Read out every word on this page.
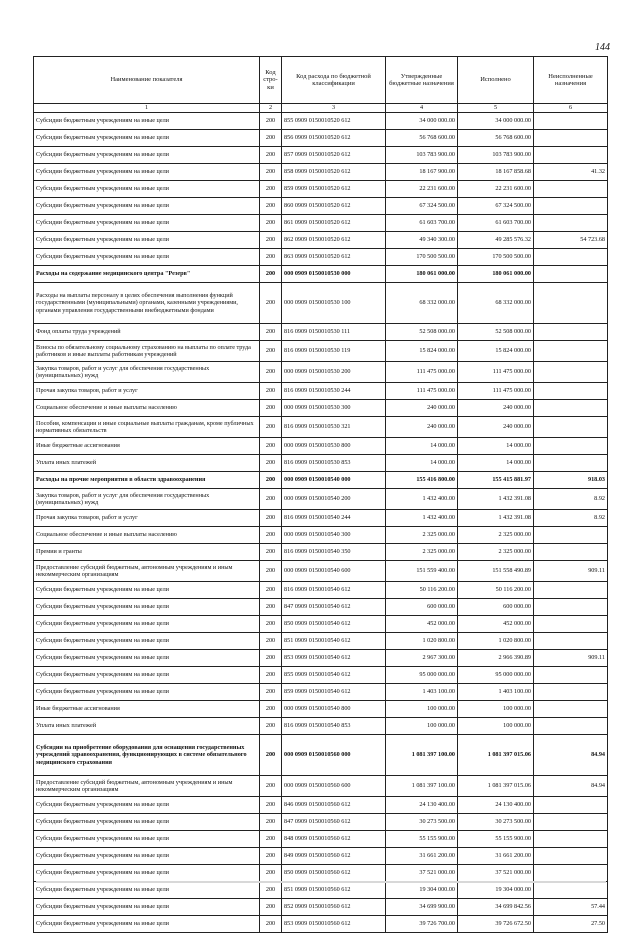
144
Наименование показателя	Код стро-ки	Код расхода по бюджетной классификации	Утвержденные бюджетные назначения	Исполнено	Неисполненные назначения
1	2	3	4	5	6
Субсидии бюджетным учреждениям на иные цели	200	855 0909 0150010520 612	34 000 000.00	34 000 000.00	
Субсидии бюджетным учреждениям на иные цели	200	856 0909 0150010520 612	56 768 600.00	56 768 600.00	
Субсидии бюджетным учреждениям на иные цели	200	857 0909 0150010520 612	103 783 900.00	103 783 900.00	
Субсидии бюджетным учреждениям на иные цели	200	858 0909 0150010520 612	18 167 900.00	18 167 858.68	41.32
Субсидии бюджетным учреждениям на иные цели	200	859 0909 0150010520 612	22 231 600.00	22 231 600.00	
Субсидии бюджетным учреждениям на иные цели	200	860 0909 0150010520 612	67 324 500.00	67 324 500.00	
Субсидии бюджетным учреждениям на иные цели	200	861 0909 0150010520 612	61 603 700.00	61 603 700.00	
Субсидии бюджетным учреждениям на иные цели	200	862 0909 0150010520 612	49 340 300.00	49 285 576.32	54 723.68
Субсидии бюджетным учреждениям на иные цели	200	863 0909 0150010520 612	170 500 500.00	170 500 500.00	
Расходы на содержание медицинского центра "Резерв"	200	000 0909 0150010530 000	180 061 000.00	180 061 000.00	
Расходы на выплаты персоналу в целях обеспечения выполнения функций государственными (муниципальными) органами, казенными учреждениями, органами управления государственными внебюджетными фондами	200	000 0909 0150010530 100	68 332 000.00	68 332 000.00	
Фонд оплаты труда учреждений	200	816 0909 0150010530 111	52 508 000.00	52 508 000.00	
Взносы по обязательному социальному страхованию на выплаты по оплате труда работников и иные выплаты работникам учреждений	200	816 0909 0150010530 119	15 824 000.00	15 824 000.00	
Закупка товаров, работ и услуг для обеспечения государственных (муниципальных) нужд	200	000 0909 0150010530 200	111 475 000.00	111 475 000.00	
Прочая закупка товаров, работ и услуг	200	816 0909 0150010530 244	111 475 000.00	111 475 000.00	
Социальное обеспечение и иные выплаты населению	200	000 0909 0150010530 300	240 000.00	240 000.00	
Пособия, компенсации и иные социальные выплаты гражданам, кроме публичных нормативных обязательств	200	816 0909 0150010530 321	240 000.00	240 000.00	
Иные бюджетные ассигнования	200	000 0909 0150010530 800	14 000.00	14 000.00	
Уплата иных платежей	200	816 0909 0150010530 853	14 000.00	14 000.00	
Расходы на прочие мероприятия в области здравоохранения	200	000 0909 0150010540 000	155 416 800.00	155 415 881.97	918.03
Закупка товаров, работ и услуг для обеспечения государственных (муниципальных) нужд	200	000 0909 0150010540 200	1 432 400.00	1 432 391.08	8.92
Прочая закупка товаров, работ и услуг	200	816 0909 0150010540 244	1 432 400.00	1 432 391.08	8.92
Социальное обеспечение и иные выплаты населению	200	000 0909 0150010540 300	2 325 000.00	2 325 000.00	
Премии и гранты	200	816 0909 0150010540 350	2 325 000.00	2 325 000.00	
Предоставление субсидий бюджетным, автономным учреждениям и иным некоммерческим организациям	200	000 0909 0150010540 600	151 559 400.00	151 558 490.89	909.11
Субсидии бюджетным учреждениям на иные цели	200	816 0909 0150010540 612	50 116 200.00	50 116 200.00	
Субсидии бюджетным учреждениям на иные цели	200	847 0909 0150010540 612	600 000.00	600 000.00	
Субсидии бюджетным учреждениям на иные цели	200	850 0909 0150010540 612	452 000.00	452 000.00	
Субсидии бюджетным учреждениям на иные цели	200	851 0909 0150010540 612	1 020 800.00	1 020 800.00	
Субсидии бюджетным учреждениям на иные цели	200	853 0909 0150010540 612	2 967 300.00	2 966 390.89	909.11
Субсидии бюджетным учреждениям на иные цели	200	855 0909 0150010540 612	95 000 000.00	95 000 000.00	
Субсидии бюджетным учреждениям на иные цели	200	859 0909 0150010540 612	1 403 100.00	1 403 100.00	
Иные бюджетные ассигнования	200	000 0909 0150010540 800	100 000.00	100 000.00	
Уплата иных платежей	200	816 0909 0150010540 853	100 000.00	100 000.00	
Субсидии на приобретение оборудования для оснащения государственных учреждений здравоохранения, функционирующих в системе обязательного медицинского страхования	200	000 0909 0150010560 000	1 081 397 100.00	1 081 397 015.06	84.94
Предоставление субсидий бюджетным, автономным учреждениям и иным некоммерческим организациям	200	000 0909 0150010560 600	1 081 397 100.00	1 081 397 015.06	84.94
Субсидии бюджетным учреждениям на иные цели	200	846 0909 0150010560 612	24 130 400.00	24 130 400.00	
Субсидии бюджетным учреждениям на иные цели	200	847 0909 0150010560 612	30 273 500.00	30 273 500.00	
Субсидии бюджетным учреждениям на иные цели	200	848 0909 0150010560 612	55 155 900.00	55 155 900.00	
Субсидии бюджетным учреждениям на иные цели	200	849 0909 0150010560 612	31 661 200.00	31 661 200.00	
Субсидии бюджетным учреждениям на иные цели	200	850 0909 0150010560 612	37 521 000.00	37 521 000.00	
Субсидии бюджетным учреждениям на иные цели	200	851 0909 0150010560 612	19 304 000.00	19 304 000.00	
Субсидии бюджетным учреждениям на иные цели	200	852 0909 0150010560 612	34 699 900.00	34 699 842.56	57.44
Субсидии бюджетным учреждениям на иные цели	200	853 0909 0150010560 612	39 726 700.00	39 726 672.50	27.50
